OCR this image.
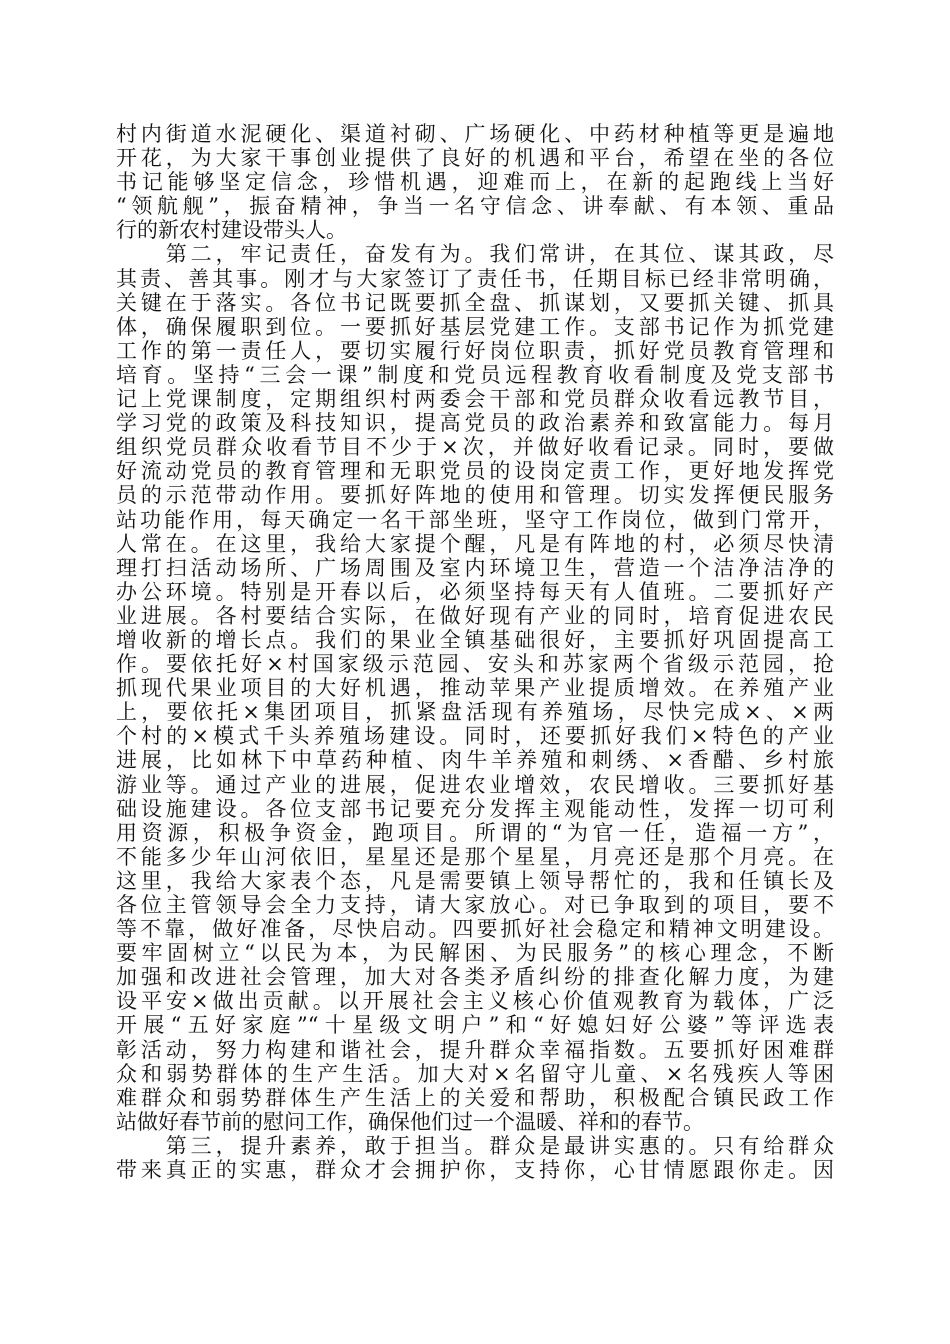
村内街道水泥硬化、渠道衬砌、广场硬化、中药材种植等更是遍地
开花，为大家干事创业提供了良好的机遇和平台，希望在坐的各位
书记能够坚定信念，珍惜机遇，迎难而上，在新的起跑线上当好
“领航舰”，振奋精神，争当一名守信念、讲奉献、有本领、重品
行的新农村建设带头人。
　　第二，牢记责任，奋发有为。我们常讲，在其位、谋其政，尽
其责、善其事。刚才与大家签订了责任书，任期目标已经非常明确，
关键在于落实。各位书记既要抓全盘、抓谋划，又要抓关键、抓具
体，确保履职到位。一要抓好基层党建工作。支部书记作为抓党建
工作的第一责任人，要切实履行好岗位职责，抓好党员教育管理和
培育。坚持“三会一课”制度和党员远程教育收看制度及党支部书
记上党课制度，定期组织村两委会干部和党员群众收看远教节目，
学习党的政策及科技知识，提高党员的政治素养和致富能力。每月
组织党员群众收看节目不少于×次，并做好收看记录。同时，要做
好流动党员的教育管理和无职党员的设岗定责工作，更好地发挥党
员的示范带动作用。要抓好阵地的使用和管理。切实发挥便民服务
站功能作用，每天确定一名干部坐班，坚守工作岗位，做到门常开，
人常在。在这里，我给大家提个醒，凡是有阵地的村，必须尽快清
理打扫活动场所、广场周围及室内环境卫生，营造一个洁净洁净的
办公环境。特别是开春以后，必须坚持每天有人值班。二要抓好产
业进展。各村要结合实际，在做好现有产业的同时，培育促进农民
增收新的增长点。我们的果业全镇基础很好，主要抓好巩固提高工
作。要依托好×村国家级示范园、安头和苏家两个省级示范园，抢
抓现代果业项目的大好机遇，推动苹果产业提质增效。在养殖产业
上，要依托×集团项目，抓紧盘活现有养殖场，尽快完成×、×两
个村的×模式千头养殖场建设。同时，还要抓好我们×特色的产业
进展，比如林下中草药种植、肉牛羊养殖和刺绣、×香醋、乡村旅
游业等。通过产业的进展，促进农业增效，农民增收。三要抓好基
础设施建设。各位支部书记要充分发挥主观能动性，发挥一切可利
用资源，积极争资金，跑项目。所谓的“为官一任，造福一方”，
不能多少年山河依旧，星星还是那个星星，月亮还是那个月亮。在
这里，我给大家表个态，凡是需要镇上领导帮忙的，我和任镇长及
各位主管领导会全力支持，请大家放心。对已争取到的项目，要不
等不靠，做好准备，尽快启动。四要抓好社会稳定和精神文明建设。
要牢固树立“以民为本，为民解困、为民服务”的核心理念，不断
加强和改进社会管理，加大对各类矛盾纠纷的排查化解力度，为建
设平安×做出贡献。以开展社会主义核心价值观教育为载体，广泛
开展“五好家庭”“十星级文明户”和“好媳妇好公婆”等评选表
彰活动，努力构建和谐社会，提升群众幸福指数。五要抓好困难群
众和弱势群体的生产生活。加大对×名留守儿童、×名残疾人等困
难群众和弱势群体生产生活上的关爱和帮助，积极配合镇民政工作
站做好春节前的慰问工作，确保他们过一个温暖、祥和的春节。
　　第三，提升素养，敢于担当。群众是最讲实惠的。只有给群众
带来真正的实惠，群众才会拥护你，支持你，心甘情愿跟你走。因
